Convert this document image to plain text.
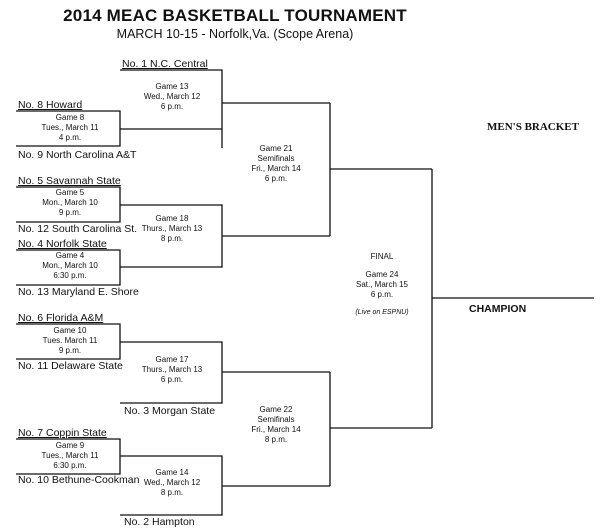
2014 MEAC BASKETBALL TOURNAMENT
MARCH 10-15 - Norfolk,Va. (Scope Arena)
No. 1 N.C. Central
No. 8 Howard
No. 9 North Carolina A&T
No. 5 Savannah State
No. 12 South Carolina St.
No. 4 Norfolk State
No. 13 Maryland E. Shore
No. 6 Florida A&M
No. 11 Delaware State
No. 3 Morgan State
No. 7 Coppin State
No. 10 Bethune-Cookman
No. 2 Hampton
Game 8
Tues., March 11
4 p.m.
Game 13
Wed., March 12
6 p.m.
Game 5
Mon., March 10
9 p.m.
Game 4
Mon., March 10
6:30 p.m.
Game 18
Thurs., March 13
8 p.m.
Game 21
Semifinals
Fri., March 14
6 p.m.
Game 10
Tues. March 11
9 p.m.
Game 17
Thurs., March 13
6 p.m.
Game 22
Semifinals
Fri., March 14
8 p.m.
Game 9
Tues., March 11
6:30 p.m.
Game 14
Wed., March 12
8 p.m.
FINAL
Game 24
Sat., March 15
6 p.m.
(Live on ESPNU)
MEN'S BRACKET
CHAMPION
